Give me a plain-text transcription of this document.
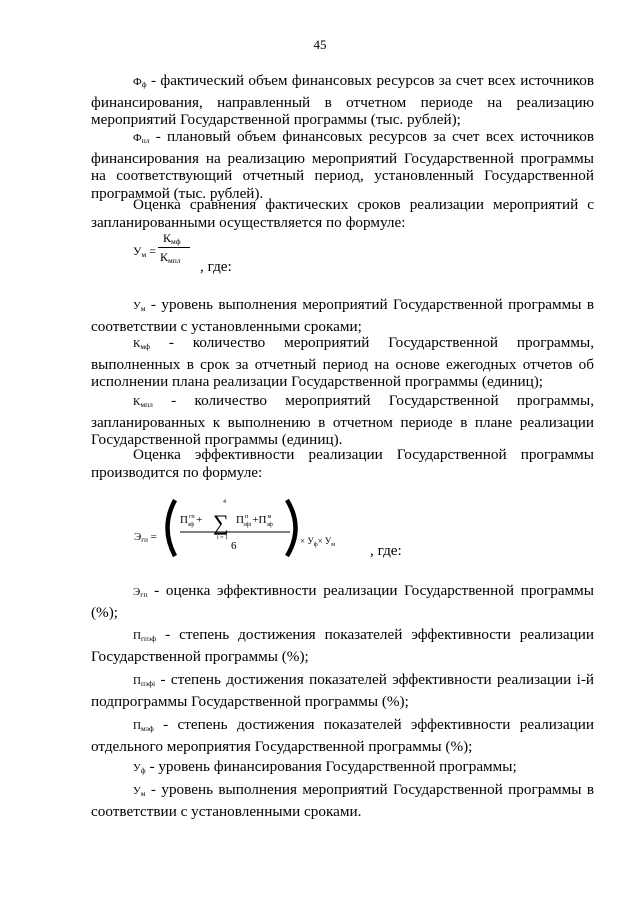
45
$Ф_ф$ - фактический объем финансовых ресурсов за счет всех источников
финансирования, направленный в отчетном периоде на реализацию
мероприятий Государственной программы (тыс. рублей);
$Ф_{пл}$ - плановый объем финансовых ресурсов за счет всех источников
финансирования на реализацию мероприятий Государственной программы
на соответствующий отчетный период, установленный Государственной
программой (тыс. рублей).
Оценка сравнения фактических сроков реализации мероприятий с
запланированными осуществляется по формуле:
$У_м$ =
$К_{мф}$
$К_{мпл}$ , где:
$У_м$ - уровень выполнения мероприятий Государственной программы в
соответствии с установленными сроками;
$К_{мф}$ - количество мероприятий Государственной программы,
выполненных в срок за отчетный период на основе ежегодных отчетов об
исполнении плана реализации Государственной программы (единиц);
$К_{мпл}$ - количество мероприятий Государственной программы,
запланированных к выполнению в отчетном периоде в плане реализации
Государственной программы (единиц).
Оценка эффективности реализации Государственной программы
производится по формуле:
Эгп =
$П^{гп}$ эф +
4
∑
i = 1
$П^п$ $эфi+П^м$ эф
6	× $У_ф\times У_м$ , где:
$Э_{гп}$ - оценка эффективности реализации Государственной программы
(%);
$П^{гп}_{эф}$ - степень достижения показателей эффективности реализации
Государственной программы (%);
$П^п_{эфi}$ - степень достижения показателей эффективности реализации i-й
подпрограммы Государственной программы (%);
$П^м_{эф}$ - степень достижения показателей эффективности реализации
отдельного мероприятия Государственной программы (%);
$У_ф$ - уровень финансирования Государственной программы;
$У_м$ - уровень выполнения мероприятий Государственной программы в
соответствии с установленными сроками.
